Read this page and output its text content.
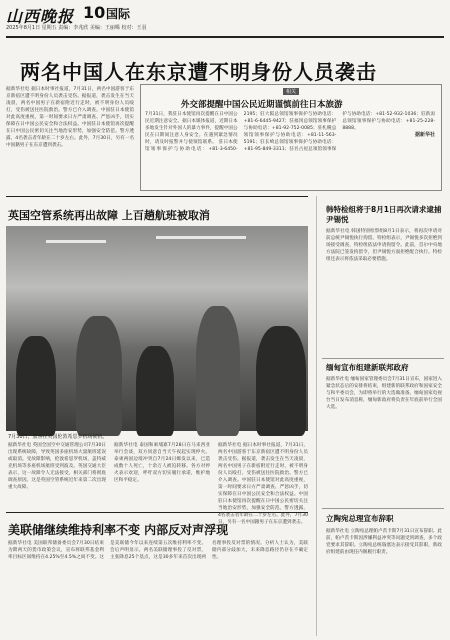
山西晚报 10 国际
2025年8月1日 星期五 责编：李兆欣 美编：王丽晞 校对：王羽
两名中国人在东京遭不明身份人员袭击

据新华社电 据日本时事社报道，7月31日，两名中国游客于东京新宿区遭不明身份人员袭击受伤。据报道，袭击发生在当天凌晨，两名中国男子在新宿附近行走时，被不明身份人员殴打，受伤被送往医院救治。警方已介入调查。中国驻日本使馆对此高度重视，第一时间要求日方严肃调查、严惩凶手，切实保障在日中国公民安全和合法权益。中国驻日本使馆再次提醒在日中国公民密切关注当地治安形势，加强安全防范。警方透露，4名袭击者年龄在二十岁左右。此外，7月30日，另有一名中国籍男子在东京遭到袭击。

相关
外交部提醒中国公民近期谨慎前往日本旅游

7月31日，我驻日本使馆再次提醒在日中国公民近期注意安全。据日本媒体报道，近期日本多地发生针对外国人的暴力事件，提醒中国公民在日期间注意人身安全。在遇到紧急情况时，请及时报警并与使领馆联系。 驻日本使馆领事保护与协助电话：+81-3-6450-2195；驻大阪总领馆领事保护与协助电话：+81-6-6445-9427；驻福冈总领馆领事保护与协助电话：+81-92-752-0085；驻札幌总领馆领事保护与协助电话：+81-11-563-5191；驻长崎总领馆领事保护与协助电话：+81-95-849-3311；驻名古屋总领馆领事保护与协助电话：+81-52-932-1036；驻新潟总领馆领事保护与协助电话：+81-25-228-8888。

据新华社

英国空管系统再出故障 上百趟航班被取消
7月30日，旅客在英国伦敦希思罗机场候机。

据新华社电 英国全国空中交通管理公司7月30日出现系统故障，导致英国多座机场大量航班延误或取消。受故障影响，伦敦希思罗机场、盖特威克机场等多座机场航班受到波及。英国交通大臣表示，这一故障令人无法接受，相关部门将彻底调查原因。这是英国空管系统近年来第二次出现重大故障。

据新华社电 泰国和柬埔寨7月28日在马来西亚举行会谈，双方同意自当天午夜起实现停火。泰柬两国边境冲突自7月24日爆发以来，已造成数十人死亡，十余万人被迫转移。各方对停火表示欢迎，呼吁双方切实履行承诺，维护地区和平稳定。

据新华社电 据日本时事社报道，7月31日，两名中国游客于东京新宿区遭不明身份人员袭击受伤。据报道，袭击发生在当天凌晨，两名中国男子在新宿附近行走时，被不明身份人员殴打，受伤被送往医院救治。警方已介入调查。中国驻日本使馆对此高度重视，第一时间要求日方严肃调查、严惩凶手，切实保障在日中国公民安全和合法权益。中国驻日本使馆再次提醒在日中国公民密切关注当地治安形势，加强安全防范。警方透露，4名袭击者年龄在二十岁左右。此外，7月30日，另有一名中国籍男子在东京遭到袭击。

美联储继续维持利率不变 内部反对声浮现

据新华社电 美国联邦储备委员会7月30日结束为期两天的货币政策会议，宣布将联邦基金利率目标区间维持在4.25%至4.5%之间不变。这是美联储今年以来连续第五次维持利率不变。会后声明显示，两名美联储理事投了反对票，主张降息25个基点，这是30多年来首次出现两名理事投反对票的情况。分析人士认为，美联储内部分歧加大，未来降息路径仍存在不确定性。

韩特检组将于8月1日再次请求逮捕尹锡悦

据新华社电 韩国特别检察组8月1日表示，将再次申请对前总统尹锡悦执行拘留。特检组表示，尹锡悦多次拒绝到场接受调查，特检组依法申请拘留令。此前，首尔中央地方法院已签发拘留令，但尹锡悦方面拒绝配合执行。特检组还表示将依法采取必要措施。

缅甸宣布组建新联邦政府

据新华社电 缅甸国家管理委员会7月31日宣布，国家进入紧急状态后的安排将结束，组建新的联邦政府和国家安全与和平委员会，为即将举行的大选做准备。缅甸国家电视台当日发布消息称，缅甸新政府将负责在年底前举行全国大选。

立陶宛总理宣布辞职

据新华社电 立陶宛总理帕卢茨卡斯7月31日宣布辞职。此前，帕卢茨卡斯因涉嫌利益冲突等问题受到调查，多个政党要求其辞职。立陶宛总统瑙塞达表示接受其辞职，新政府组建前由现任内阁履行职责。
